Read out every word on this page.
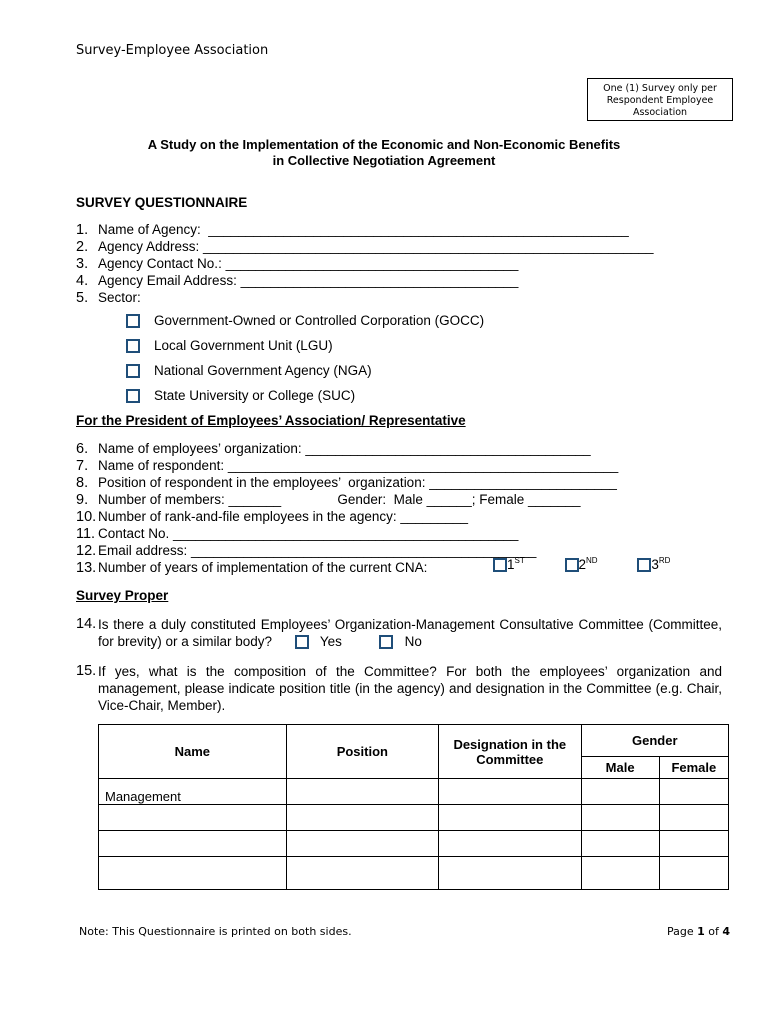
Survey-Employee Association
One (1) Survey only per Respondent Employee Association
A Study on the Implementation of the Economic and Non-Economic Benefits
in Collective Negotiation Agreement
SURVEY QUESTIONNAIRE
1. Name of Agency:  ________________________________________________________
2. Agency Address: ____________________________________________________________
3. Agency Contact No.: _______________________________________
4. Agency Email Address: _____________________________________
5. Sector:
Government-Owned or Controlled Corporation (GOCC)
Local Government Unit (LGU)
National Government Agency (NGA)
State University or College (SUC)
For the President of Employees’ Association/ Representative
6. Name of employees’ organization: ______________________________________
7. Name of respondent: ____________________________________________________
8. Position of respondent in the employees’  organization: _________________________
9. Number of members: _______               Gender:  Male ______; Female _______
10. Number of rank-and-file employees in the agency: _________
11. Contact No. ______________________________________________
12. Email address: ______________________________________________
13. Number of years of implementation of the current CNA:	1ST	2ND	3RD
Survey Proper
14. Is there a duly constituted Employees’ Organization-Management Consultative Committee (Committee, for brevity) or a similar body?	Yes	No
15. If yes, what is the composition of the Committee? For both the employees’ organization and management, please indicate position title (in the agency) and designation in the Committee (e.g. Chair, Vice-Chair, Member).
Name	Position	Designation in the Committee	Gender	
			Male	Female
Management				

Note: This Questionnaire is printed on both sides.	Page 1 of 4
